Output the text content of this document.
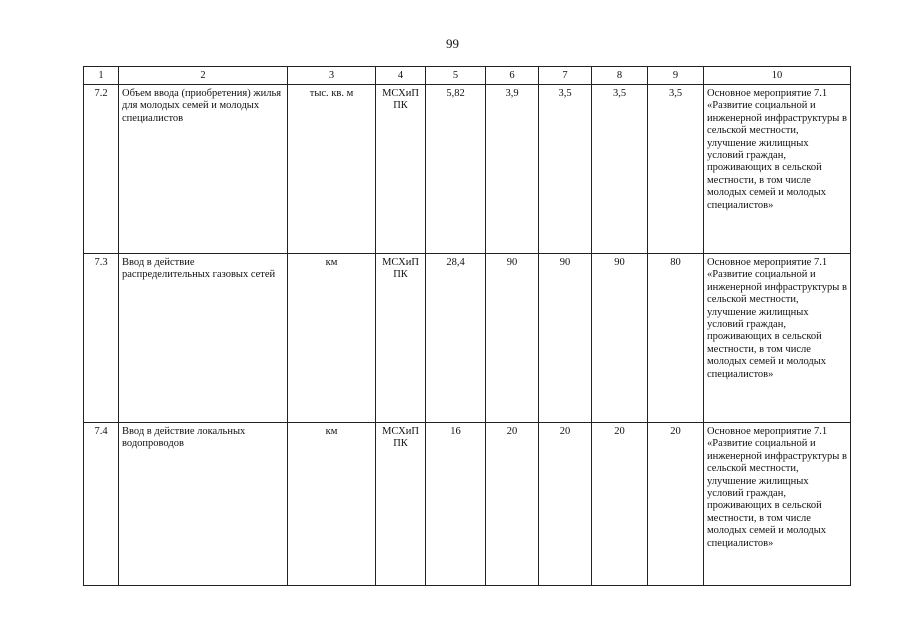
99
1	2	3	4	5	6	7	8	9	10
7.2	Объем ввода (приобретения) жилья для молодых семей и молодых специалистов	тыс. кв. м	МСХиП ПК	5,82	3,9	3,5	3,5	3,5	Основное мероприятие 7.1 «Развитие социальной и инженерной инфраструктуры в сельской местности, улучшение жилищных условий граждан, проживающих в сельской местности, в том числе молодых семей и молодых специалистов»
7.3	Ввод в действие распределительных газовых сетей	км	МСХиП ПК	28,4	90	90	90	80	Основное мероприятие 7.1 «Развитие социальной и инженерной инфраструктуры в сельской местности, улучшение жилищных условий граждан, проживающих в сельской местности, в том числе молодых семей и молодых специалистов»
7.4	Ввод в действие локальных водопроводов	км	МСХиП ПК	16	20	20	20	20	Основное мероприятие 7.1 «Развитие социальной и инженерной инфраструктуры в сельской местности, улучшение жилищных условий граждан, проживающих в сельской местности, в том числе молодых семей и молодых специалистов»
